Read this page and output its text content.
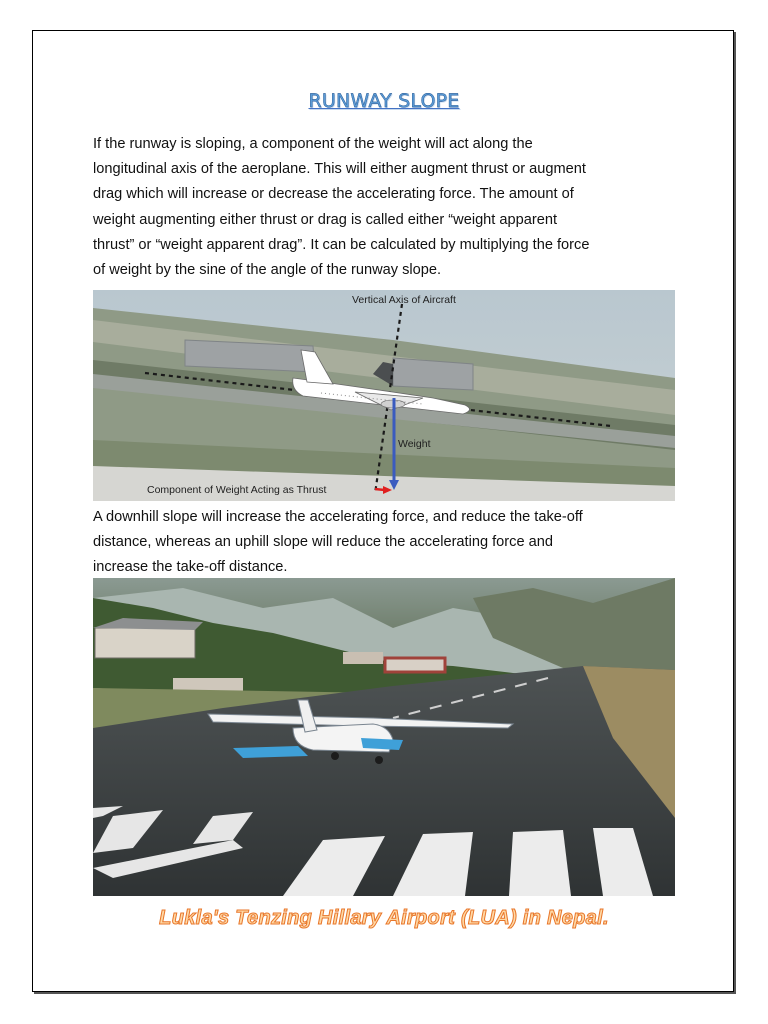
RUNWAY SLOPE

If the runway is sloping, a component of the weight will act along the
longitudinal axis of the aeroplane. This will either augment thrust or augment
drag which will increase or decrease the accelerating force. The amount of
weight augmenting either thrust or drag is called either “weight apparent
thrust” or “weight apparent drag”. It can be calculated by multiplying the force
of weight by the sine of the angle of the runway slope.

Vertical Axis of Aircraft
Weight
Component of Weight Acting as Thrust

A downhill slope will increase the accelerating force, and reduce the take-off
distance, whereas an uphill slope will reduce the accelerating force and
increase the take-off distance.

Lukla's Tenzing Hillary Airport (LUA) in Nepal.
